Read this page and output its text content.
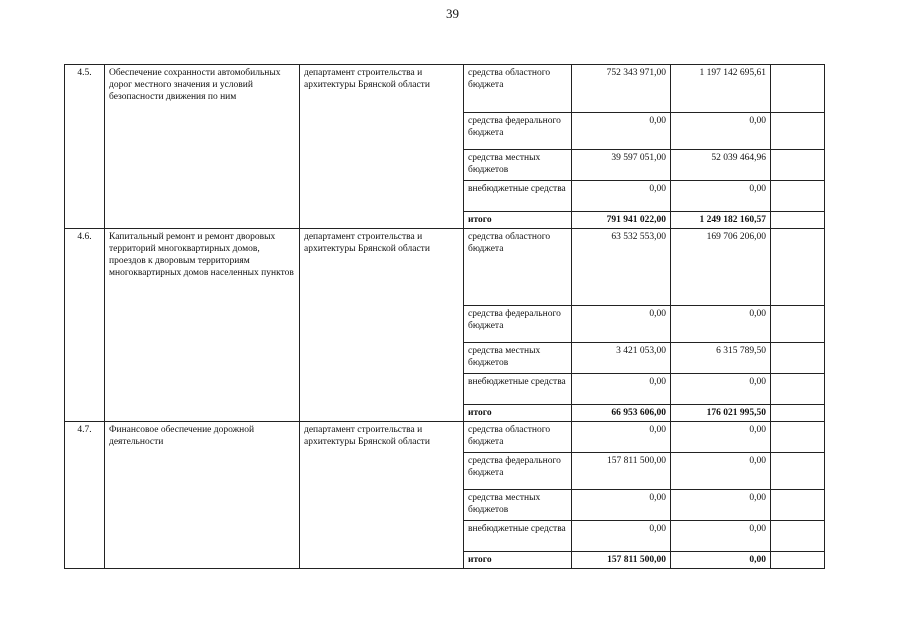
39
4.5.	Обеспечение сохранности автомобильных дорог местного значения и условий безопасности движения по ним	департамент строительства и архитектуры Брянской области	средства областного бюджета	752 343 971,00	1 197 142 695,61	
			средства федерального бюджета	0,00	0,00	
			средства местных бюджетов	39 597 051,00	52 039 464,96	
			внебюджетные средства	0,00	0,00	
			итого	791 941 022,00	1 249 182 160,57	
4.6.	Капитальный ремонт и ремонт дворовых территорий многоквартирных домов, проездов к дворовым территориям многоквартирных домов населенных пунктов	департамент строительства и архитектуры Брянской области	средства областного бюджета	63 532 553,00	169 706 206,00	
			средства федерального бюджета	0,00	0,00	
			средства местных бюджетов	3 421 053,00	6 315 789,50	
			внебюджетные средства	0,00	0,00	
			итого	66 953 606,00	176 021 995,50	
4.7.	Финансовое обеспечение дорожной деятельности	департамент строительства и архитектуры Брянской области	средства областного бюджета	0,00	0,00	
			средства федерального бюджета	157 811 500,00	0,00	
			средства местных бюджетов	0,00	0,00	
			внебюджетные средства	0,00	0,00	
			итого	157 811 500,00	0,00	
